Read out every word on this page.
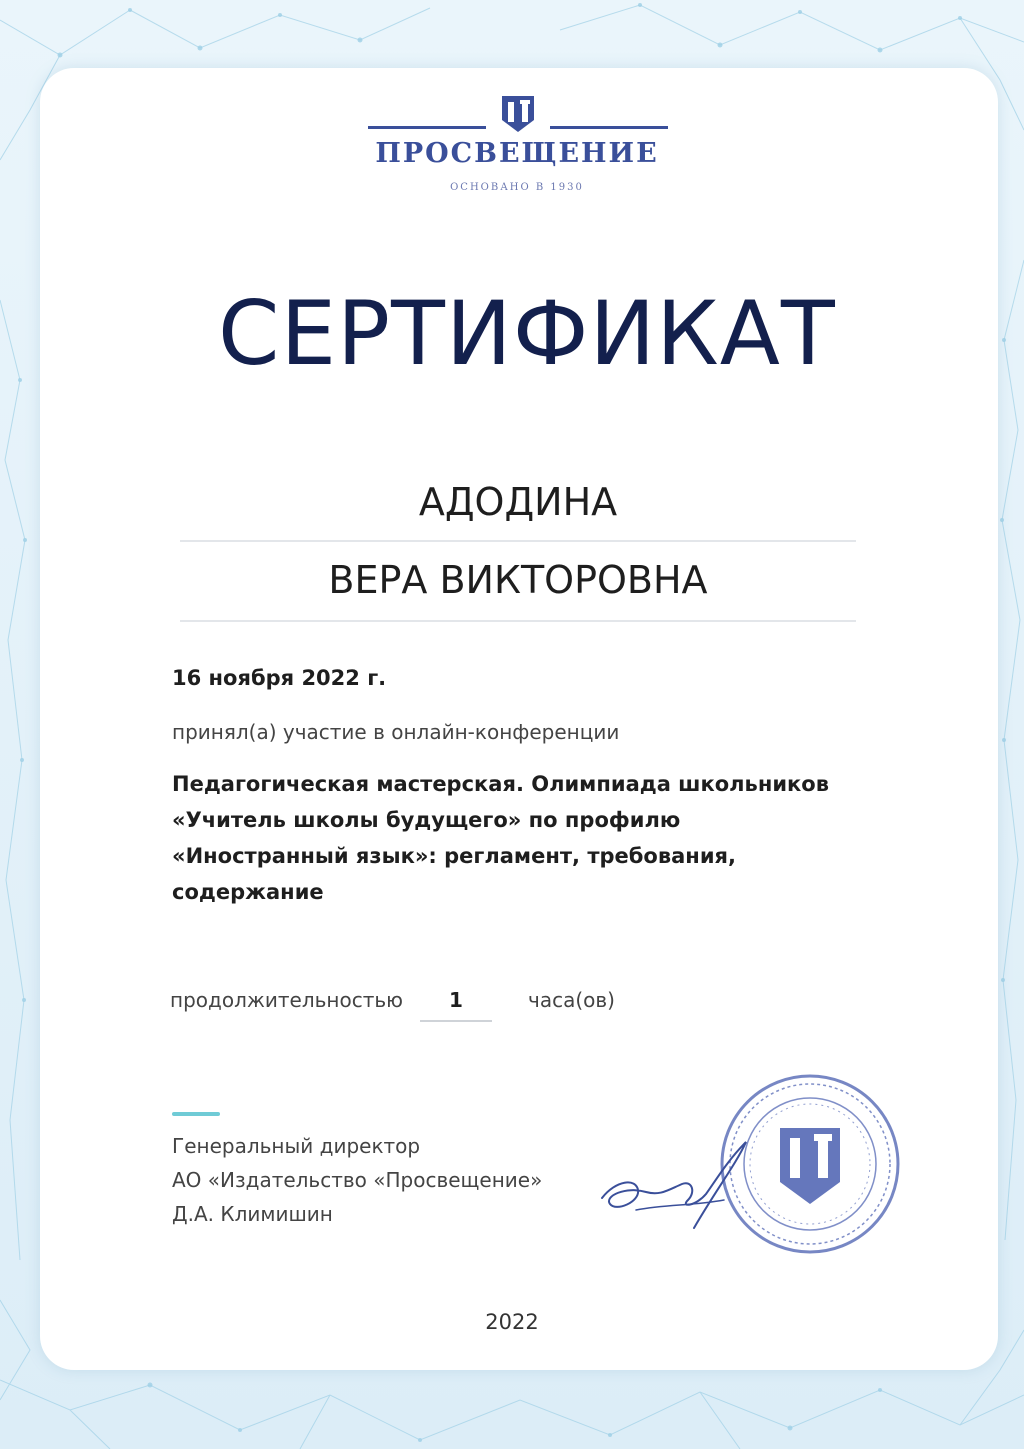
ПРОСВЕЩЕНИЕ
ОСНОВАНО В 1930
СЕРТИФИКАТ
АДОДИНА
ВЕРА ВИКТОРОВНА
16 ноября 2022 г.
принял(а) участие в онлайн-конференции
Педагогическая мастерская. Олимпиада школьников «Учитель школы будущего» по профилю «Иностранный язык»: регламент, требования, содержание
продолжительностью	1	часа(ов)
Генеральный директор
АО «Издательство «Просвещение»
Д.А. Климишин
2022
